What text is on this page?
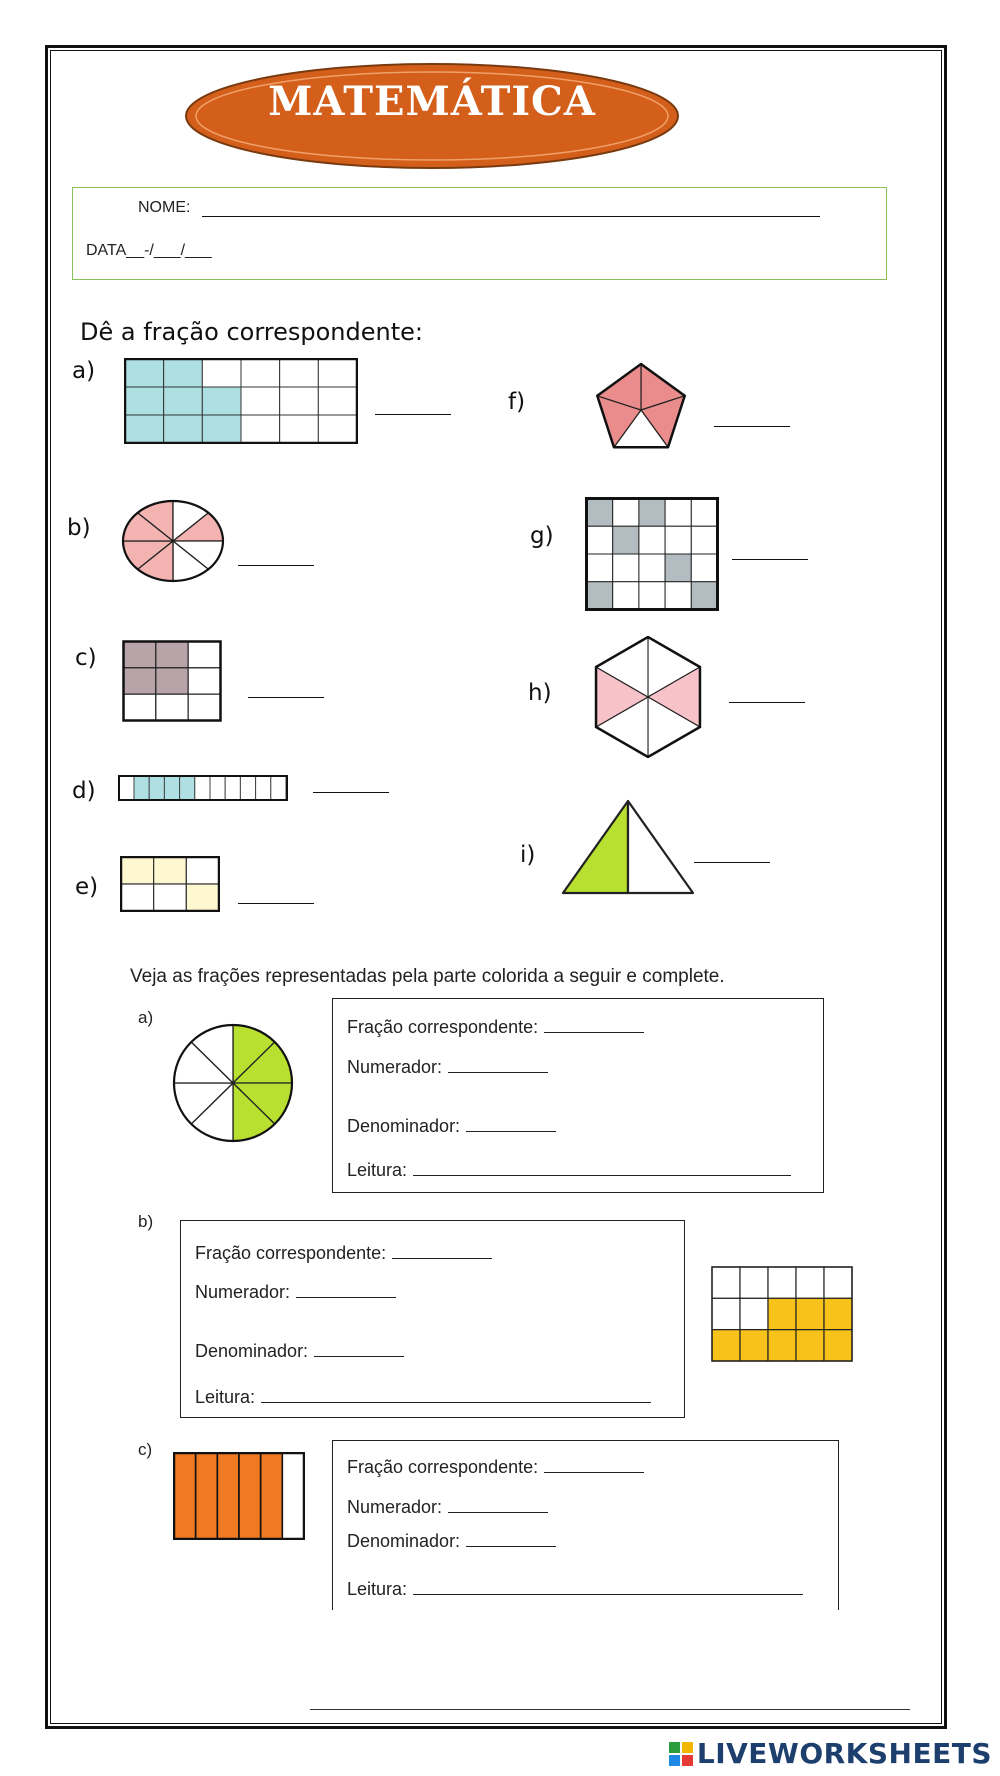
MATEMÁTICA
NOME:
DATA__-/___/___
Dê a fração correspondente:
a)
b)
c)
d)
e)
f)
g)
h)
i)
Veja as frações representadas pela parte colorida a seguir e complete.
a)
b)
c)
Fração correspondente:
Numerador:
Denominador:
Leitura:
Fração correspondente:
Numerador:
Denominador:
Leitura:
Fração correspondente:
Numerador:
Denominador:
Leitura:
LIVEWORKSHEETS
